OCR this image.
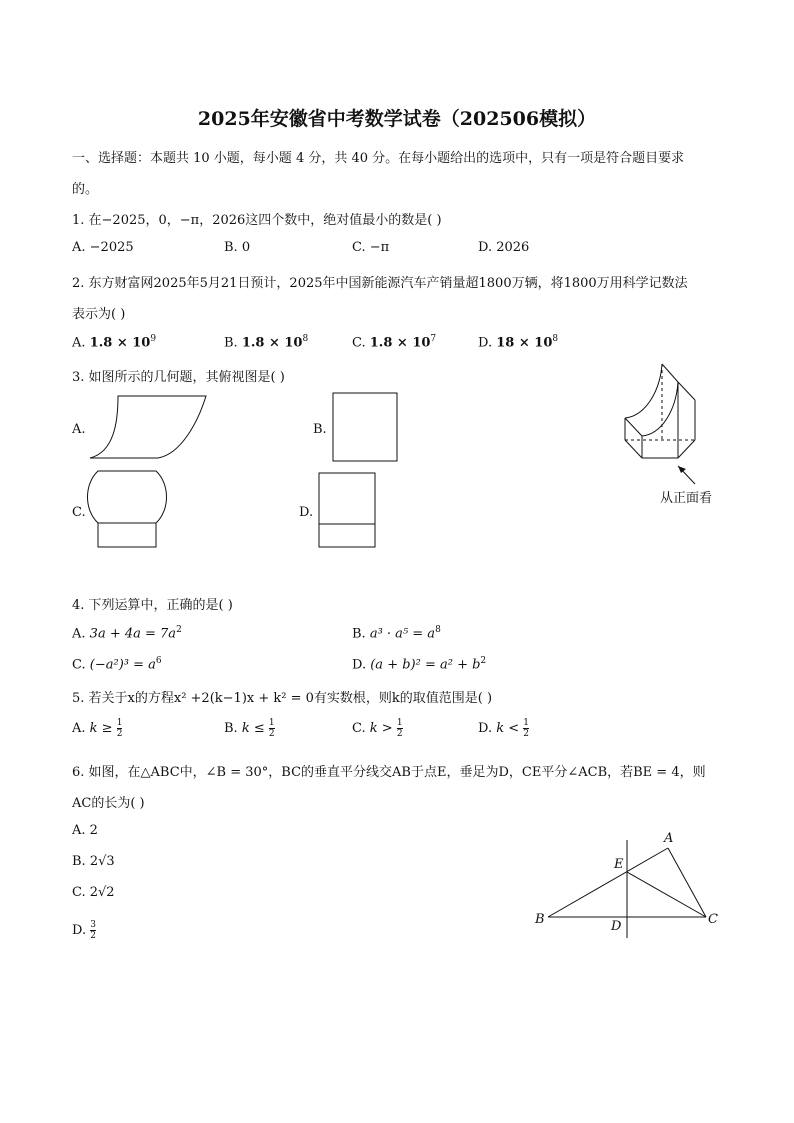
2025年安徽省中考数学试卷（202506模拟）
一、选择题：本题共 10 小题，每小题 4 分，共 40 分。在每小题给出的选项中，只有一项是符合题目要求
的。
1. 在−2025，0，−π，2026这四个数中，绝对值最小的数是( )
A. −2025	B. 0	C. −π	D. 2026
2. 东方财富网2025年5月21日预计，2025年中国新能源汽车产销量超1800万辆，将1800万用科学记数法
表示为( )
A. $1.8 \times 10^9$	B. $1.8 \times 10^8$	C. $1.8 \times 10^7$	D. $18 \times 10^8$
3. 如图所示的几何题，其俯视图是( )
A.	B.
C.	D.
从正面看
4. 下列运算中，正确的是( )
A. $3a + 4a = 7a^2$	B. $a^3 \cdot a^5 = a^8$
C. $(-a^2)^3 = a^6$	D. $(a + b)^2 = a^2 + b^2$
5. 若关于x的方程x² +2(k−1)x + k² = 0有实数根，则k的取值范围是( )
A. $k \ge \frac{1}{2}$	B. $k \le \frac{1}{2}$	C. $k > \frac{1}{2}$	D. $k < \frac{1}{2}$
6. 如图，在△ABC中，∠B = 30°，BC的垂直平分线交AB于点E，垂足为D，CE平分∠ACB，若BE = 4，则
AC的长为( )
A. 2
B. 2√3
C. 2√2
D. $\frac{3}{2}$
A
E
B	D	C
